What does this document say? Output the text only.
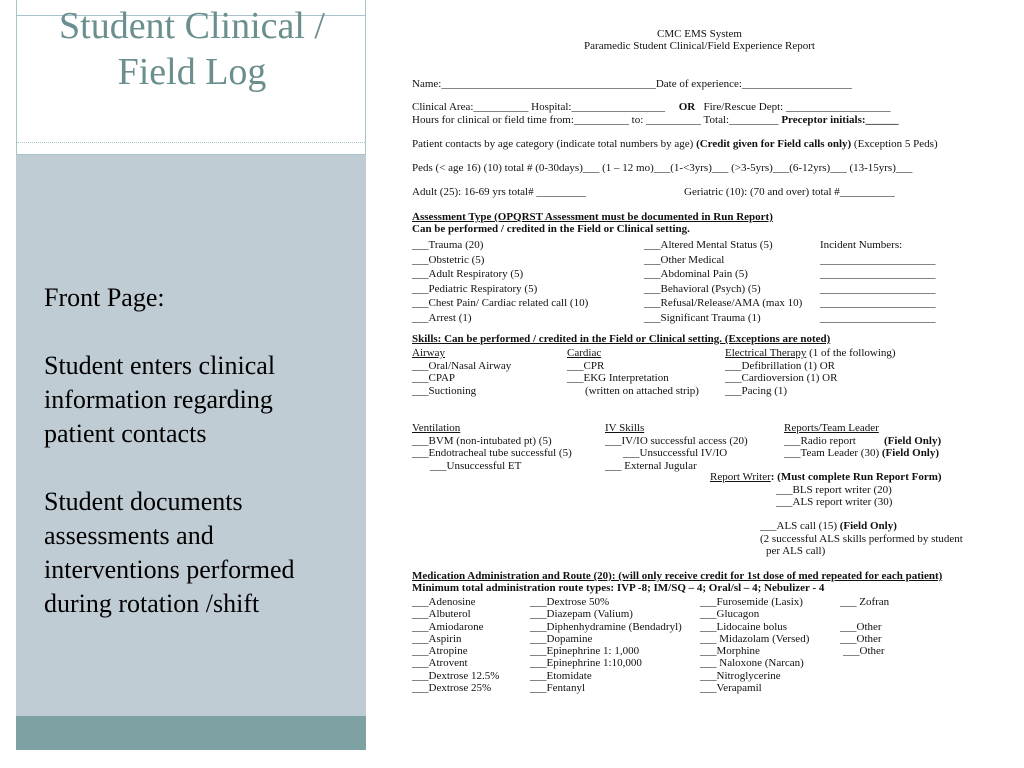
Student Clinical / Field Log

Front Page:

Student enters clinical information regarding patient contacts

Student documents assessments and interventions performed during rotation /shift

CMC EMS System
Paramedic Student Clinical/Field Experience Report
Name:_______________________________________Date of experience:____________________
Clinical Area:__________ Hospital:_________________ OR Fire/Rescue Dept: ___________________
Hours for clinical or field time from:__________ to: __________ Total:_________ Preceptor initials:______
Patient contacts by age category (indicate total numbers by age) (Credit given for Field calls only) (Exception 5 Peds)
Peds (< age 16) (10) total # (0-30days)___ (1 – 12 mo)___(1-<3yrs)___ (>3-5yrs)___(6-12yrs)___ (13-15yrs)___
Adult (25): 16-69 yrs total# _________	Geriatric (10): (70 and over) total #__________
Assessment Type (OPQRST Assessment must be documented in Run Report)
Can be performed / credited in the Field or Clinical setting.
___Trauma (20)
___Obstetric (5)
___Adult Respiratory (5)
___Pediatric Respiratory (5)
___Chest Pain/ Cardiac related call (10)
___Arrest (1)
___Altered Mental Status (5)
___Other Medical
___Abdominal Pain (5)
___Behavioral (Psych) (5)
___Refusal/Release/AMA (max 10)
___Significant Trauma (1)
Incident Numbers:
_____________________
_____________________
_____________________
_____________________
_____________________
Skills: Can be performed / credited in the Field or Clinical setting. (Exceptions are noted)
Airway
___Oral/Nasal Airway
___CPAP
___Suctioning
Cardiac
___CPR
___EKG Interpretation
(written on attached strip)
Electrical Therapy (1 of the following)
___Defibrillation (1) OR
___Cardioversion (1) OR
___Pacing (1)
Ventilation
___BVM (non-intubated pt) (5)
___Endotracheal tube successful (5)
___Unsuccessful ET
IV Skills
___IV/IO successful access (20)
___Unsuccessful IV/IO
___ External Jugular
Reports/Team Leader
___Radio report	(Field Only)
___Team Leader (30) (Field Only)
Report Writer: (Must complete Run Report Form)
___BLS report writer (20)
___ALS report writer (30)
___ALS call (15) (Field Only)
(2 successful ALS skills performed by student
per ALS call)
Medication Administration and Route (20): (will only receive credit for 1st dose of med repeated for each patient)
Minimum total administration route types: IVP -8; IM/SQ – 4; Oral/sl – 4; Nebulizer - 4
___Adenosine
___Albuterol
___Amiodarone
___Aspirin
___Atropine
___Atrovent
___Dextrose 12.5%
___Dextrose 25%
___Dextrose 50%
___Diazepam (Valium)
___Diphenhydramine (Bendadryl)
___Dopamine
___Epinephrine 1: 1,000
___Epinephrine 1:10,000
___Etomidate
___Fentanyl
___Furosemide (Lasix)
___Glucagon
___Lidocaine bolus
___ Midazolam (Versed)
___Morphine
___ Naloxone (Narcan)
___Nitroglycerine
___Verapamil
___ Zofran

___Other
___Other
___Other
